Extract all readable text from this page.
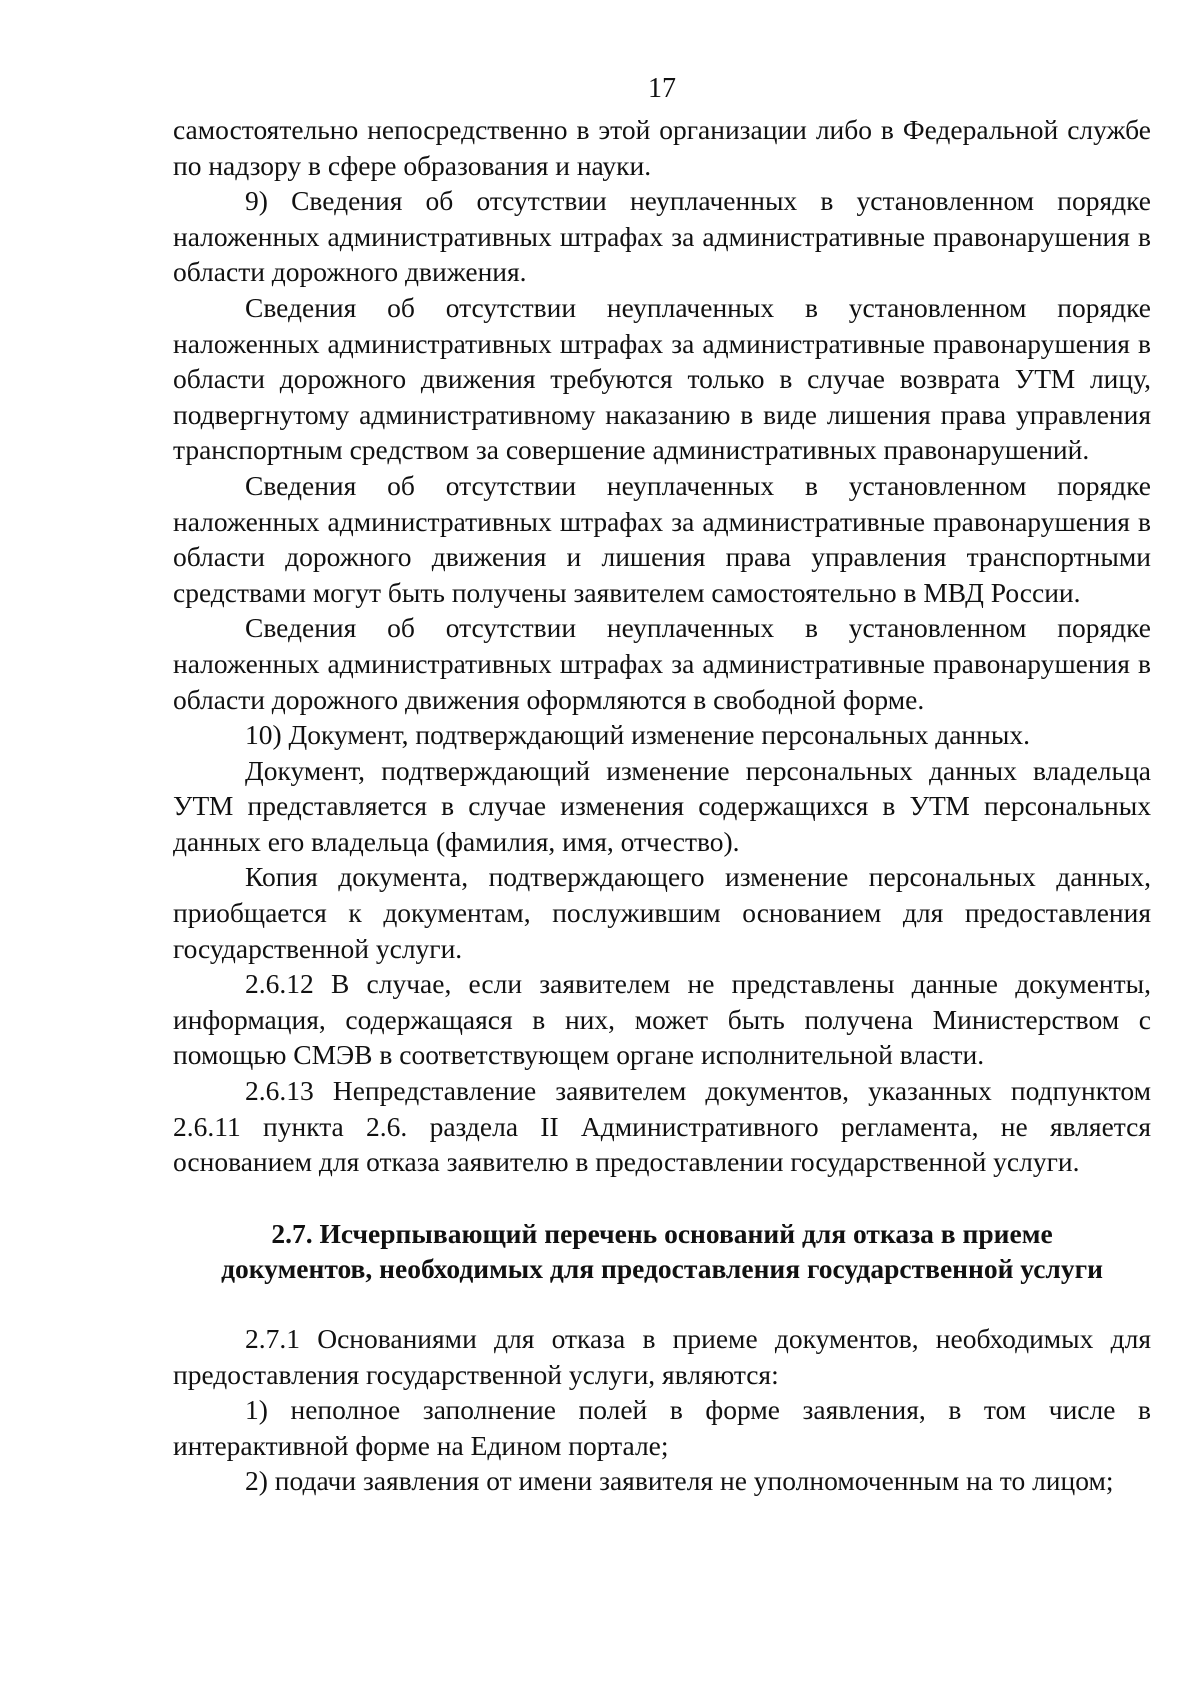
17

самостоятельно непосредственно в этой организации либо в Федеральной службе по надзору в сфере образования и науки.

9) Сведения об отсутствии неуплаченных в установленном порядке наложенных административных штрафах за административные правонарушения в области дорожного движения.

Сведения об отсутствии неуплаченных в установленном порядке наложенных административных штрафах за административные правонарушения в области дорожного движения требуются только в случае возврата УТМ лицу, подвергнутому административному наказанию в виде лишения права управления транспортным средством за совершение административных правонарушений.

Сведения об отсутствии неуплаченных в установленном порядке наложенных административных штрафах за административные правонарушения в области дорожного движения и лишения права управления транспортными средствами могут быть получены заявителем самостоятельно в МВД России.

Сведения об отсутствии неуплаченных в установленном порядке наложенных административных штрафах за административные правонарушения в области дорожного движения оформляются в свободной форме.

10) Документ, подтверждающий изменение персональных данных.

Документ, подтверждающий изменение персональных данных владельца УТМ представляется в случае изменения содержащихся в УТМ персональных данных его владельца (фамилия, имя, отчество).

Копия документа, подтверждающего изменение персональных данных, приобщается к документам, послужившим основанием для предоставления государственной услуги.

2.6.12 В случае, если заявителем не представлены данные документы, информация, содержащаяся в них, может быть получена Министерством с помощью СМЭВ в соответствующем органе исполнительной власти.

2.6.13 Непредставление заявителем документов, указанных подпунктом 2.6.11 пункта 2.6. раздела II Административного регламента, не является основанием для отказа заявителю в предоставлении государственной услуги.

2.7. Исчерпывающий перечень оснований для отказа в приеме
документов, необходимых для предоставления государственной услуги

2.7.1 Основаниями для отказа в приеме документов, необходимых для предоставления государственной услуги, являются:

1) неполное заполнение полей в форме заявления, в том числе в интерактивной форме на Едином портале;

2) подачи заявления от имени заявителя не уполномоченным на то лицом;
